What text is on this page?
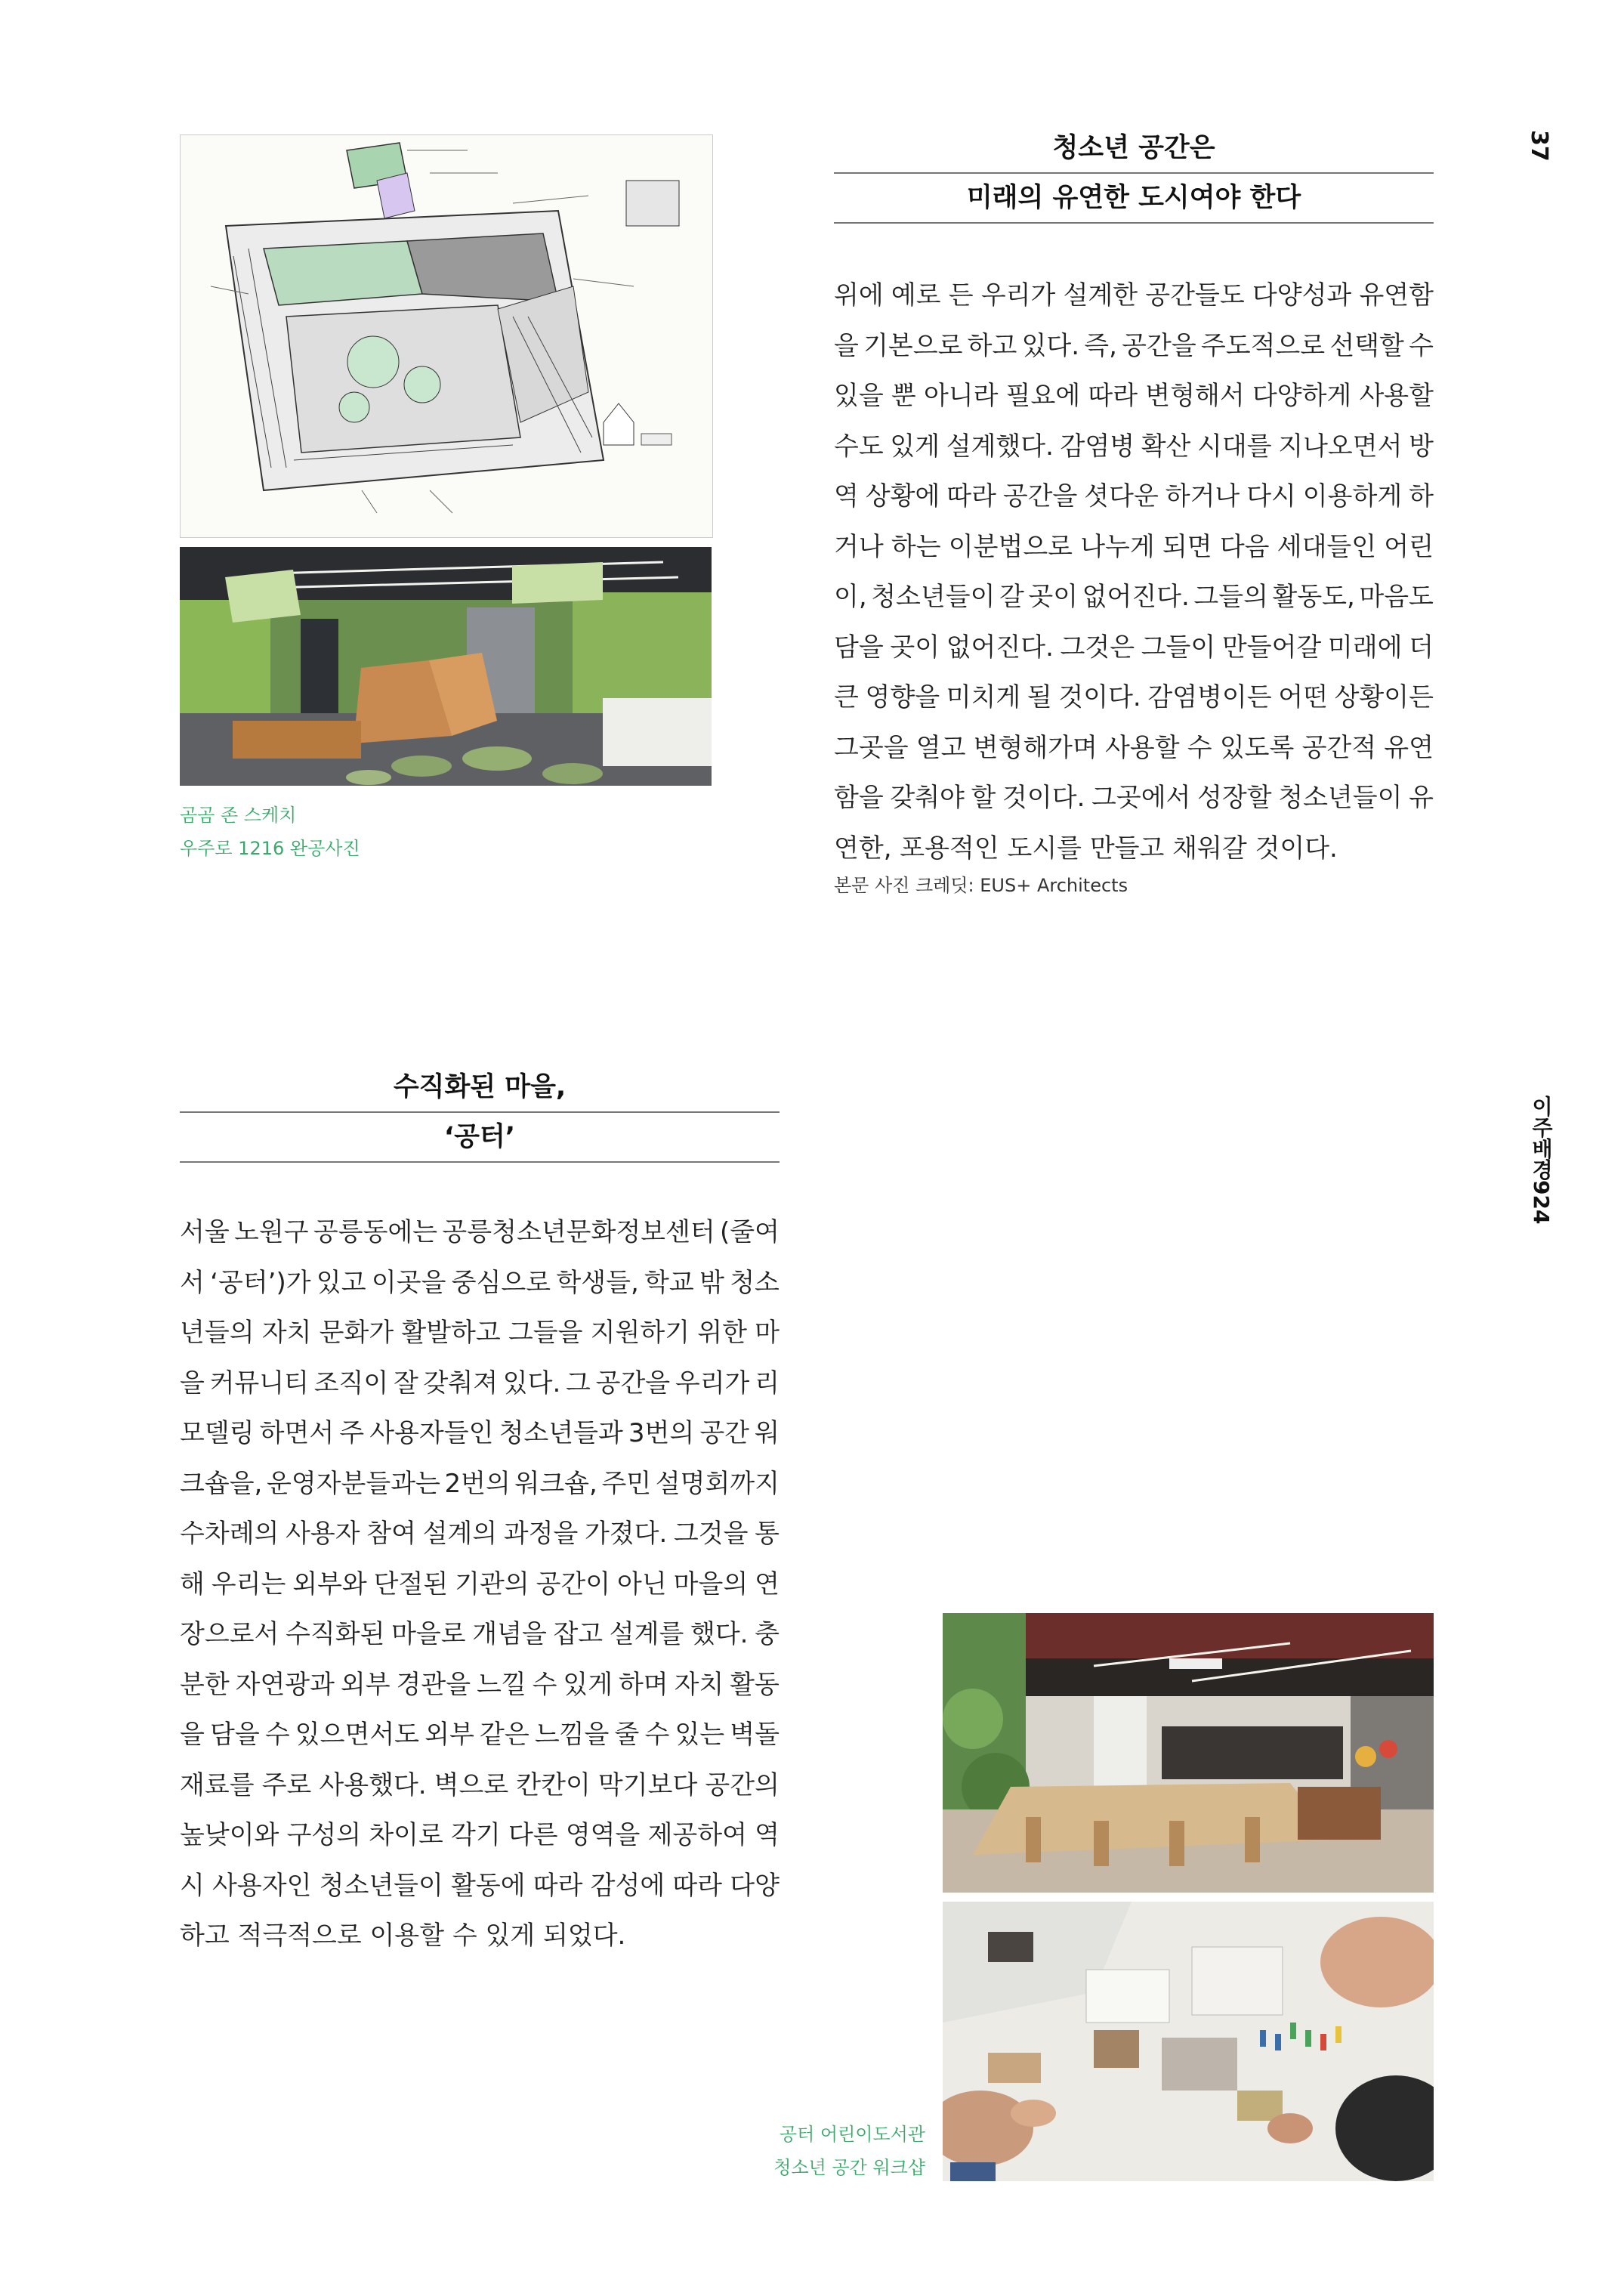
37
이주배경924
곰곰 존 스케치
우주로 1216 완공사진
청소년 공간은
미래의 유연한 도시여야 한다
위에 예로 든 우리가 설계한 공간들도 다양성과 유연함
을 기본으로 하고 있다. 즉, 공간을 주도적으로 선택할 수
있을 뿐 아니라 필요에 따라 변형해서 다양하게 사용할
수도 있게 설계했다. 감염병 확산 시대를 지나오면서 방
역 상황에 따라 공간을 셧다운 하거나 다시 이용하게 하
거나 하는 이분법으로 나누게 되면 다음 세대들인 어린
이, 청소년들이 갈 곳이 없어진다. 그들의 활동도, 마음도
담을 곳이 없어진다. 그것은 그들이 만들어갈 미래에 더
큰 영향을 미치게 될 것이다. 감염병이든 어떤 상황이든
그곳을 열고 변형해가며 사용할 수 있도록 공간적 유연
함을 갖춰야 할 것이다. 그곳에서 성장할 청소년들이 유
연한, 포용적인 도시를 만들고 채워갈 것이다.
본문 사진 크레딧: EUS+ Architects
수직화된 마을,
‘공터’
서울 노원구 공릉동에는 공릉청소년문화정보센터 (줄여
서 ‘공터’)가 있고 이곳을 중심으로 학생들, 학교 밖 청소
년들의 자치 문화가 활발하고 그들을 지원하기 위한 마
을 커뮤니티 조직이 잘 갖춰져 있다. 그 공간을 우리가 리
모델링 하면서 주 사용자들인 청소년들과 3번의 공간 워
크숍을, 운영자분들과는 2번의 워크숍, 주민 설명회까지
수차례의 사용자 참여 설계의 과정을 가졌다. 그것을 통
해 우리는 외부와 단절된 기관의 공간이 아닌 마을의 연
장으로서 수직화된 마을로 개념을 잡고 설계를 했다. 충
분한 자연광과 외부 경관을 느낄 수 있게 하며 자치 활동
을 담을 수 있으면서도 외부 같은 느낌을 줄 수 있는 벽돌
재료를 주로 사용했다. 벽으로 칸칸이 막기보다 공간의
높낮이와 구성의 차이로 각기 다른 영역을 제공하여 역
시 사용자인 청소년들이 활동에 따라 감성에 따라 다양
하고 적극적으로 이용할 수 있게 되었다.
공터 어린이도서관
청소년 공간 워크샵
